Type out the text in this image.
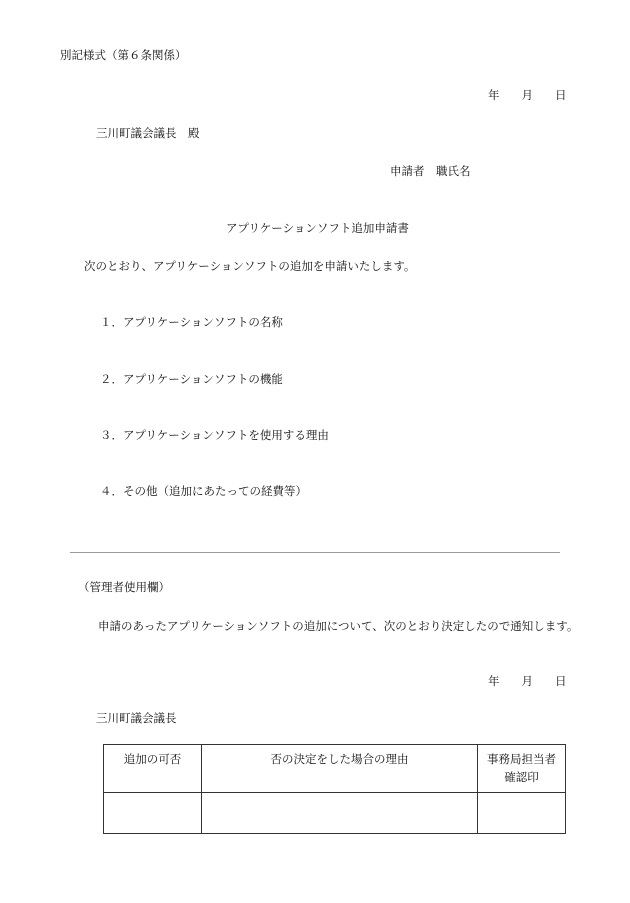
別記様式（第６条関係）
年 月 日
三川町議会議長　殿
申請者　職氏名
アプリケーションソフト追加申請書
次のとおり、アプリケーションソフトの追加を申請いたします。
１．アプリケーションソフトの名称
２．アプリケーションソフトの機能
３．アプリケーションソフトを使用する理由
４．その他（追加にあたっての経費等）
（管理者使用欄）
申請のあったアプリケーションソフトの追加について、次のとおり決定したので通知します。
年 月 日
三川町議会議長
追加の可否	否の決定をした場合の理由	事務局担当者
確認印
